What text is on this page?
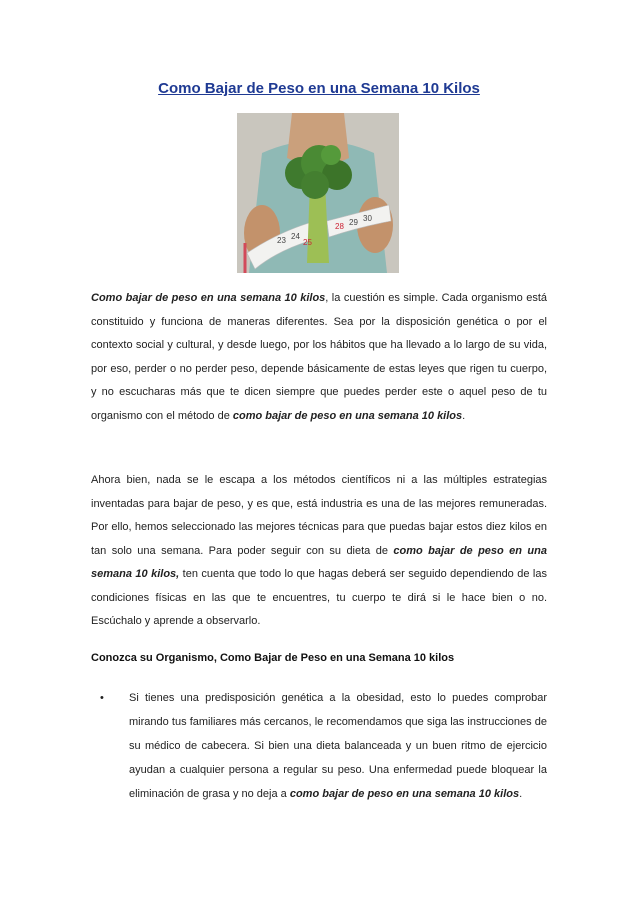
Como Bajar de Peso en una Semana 10 Kilos
23 24
25
28 29 30
Como bajar de peso en una semana 10 kilos, la cuestión es simple. Cada organismo está constituido y funciona de maneras diferentes. Sea por la disposición genética o por el contexto social y cultural, y desde luego, por los hábitos que ha llevado a lo largo de su vida, por eso, perder o no perder peso, depende básicamente de estas leyes que rigen tu cuerpo, y no escucharas más que te dicen siempre que puedes perder este o aquel peso de tu organismo con el método de como bajar de peso en una semana 10 kilos.
Ahora bien, nada se le escapa a los métodos científicos ni a las múltiples estrategias inventadas para bajar de peso, y es que, está industria es una de las mejores remuneradas. Por ello, hemos seleccionado las mejores técnicas para que puedas bajar estos diez kilos en tan solo una semana. Para poder seguir con su dieta de como bajar de peso en una semana 10 kilos, ten cuenta que todo lo que hagas deberá ser seguido dependiendo de las condiciones físicas en las que te encuentres, tu cuerpo te dirá si le hace bien o no. Escúchalo y aprende a observarlo.
Conozca su Organismo, Como Bajar de Peso en una Semana 10 kilos
• Si tienes una predisposición genética a la obesidad, esto lo puedes comprobar mirando tus familiares más cercanos, le recomendamos que siga las instrucciones de su médico de cabecera. Si bien una dieta balanceada y un buen ritmo de ejercicio ayudan a cualquier persona a regular su peso. Una enfermedad puede bloquear la eliminación de grasa y no deja a como bajar de peso en una semana 10 kilos.
